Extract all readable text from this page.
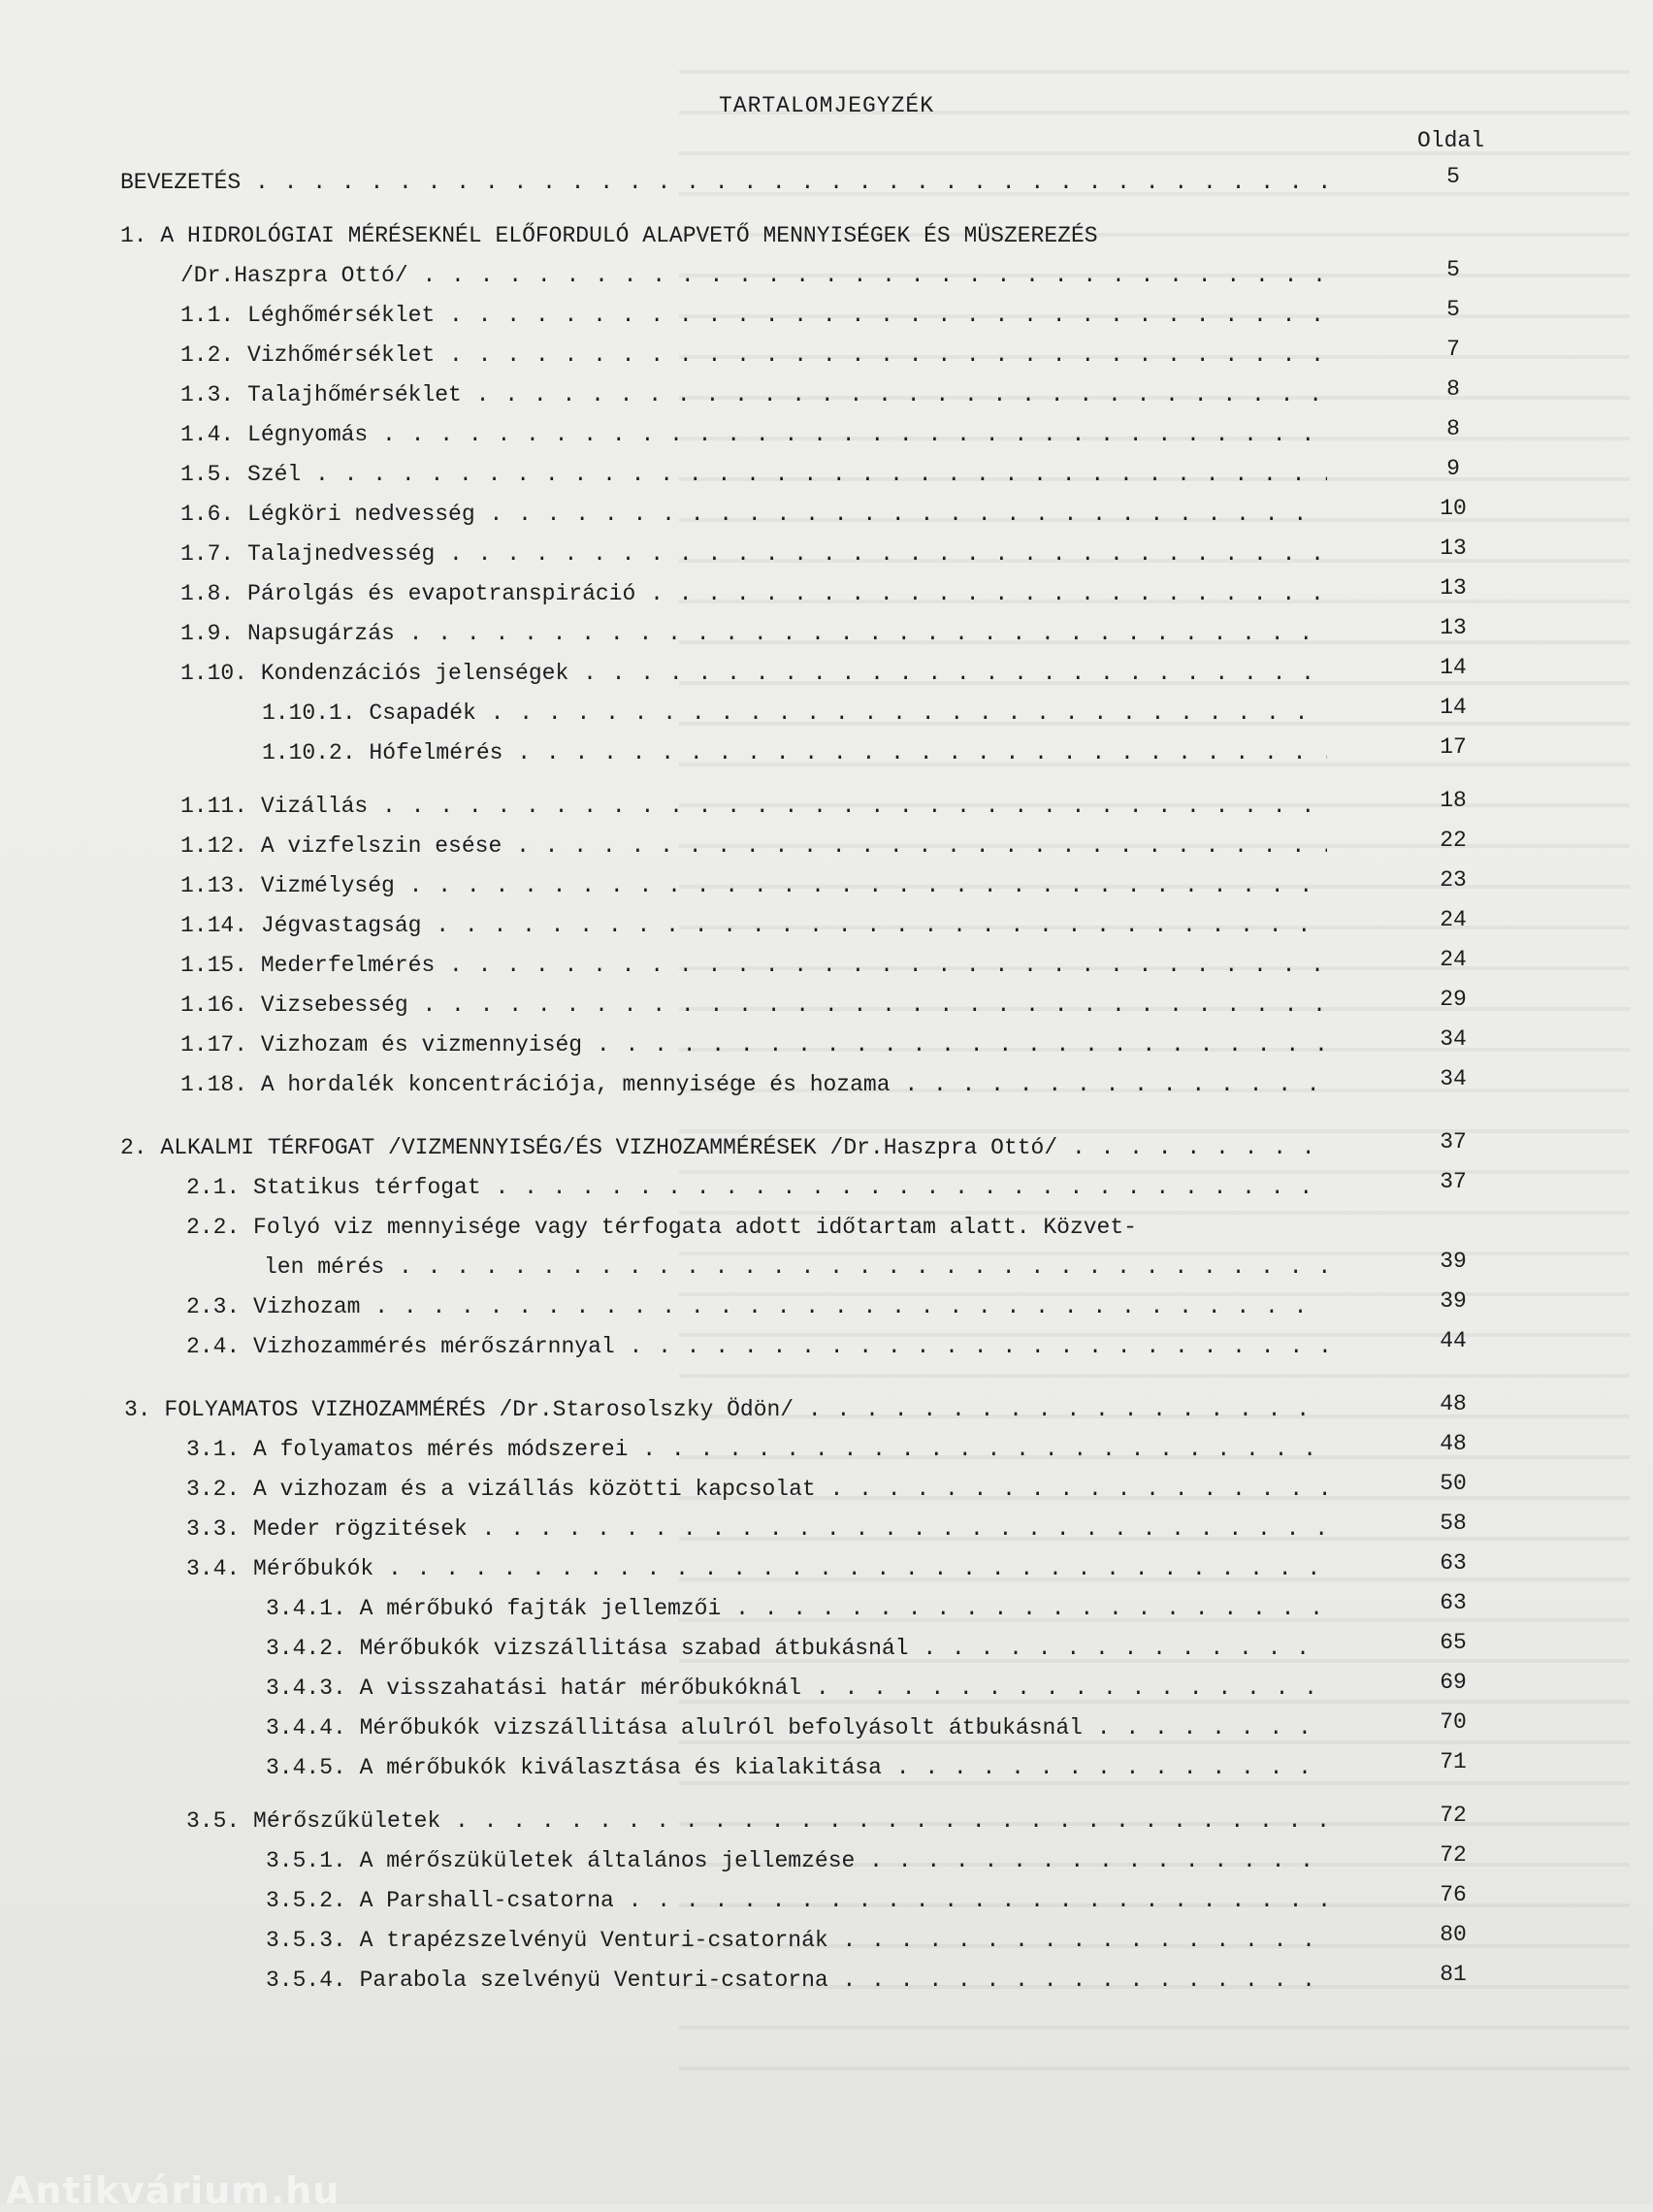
TARTALOMJEGYZÉK
Oldal
BEVEZETÉS . . .	5
1. A HIDROLÓGIAI MÉRÉSEKNÉL ELŐFORDULÓ ALAPVETŐ MENNYISÉGEK ÉS MÜSZEREZÉS
/Dr.Haszpra Ottó/ . . .	5
1.1. Léghőmérséklet . . .	5
1.2. Vizhőmérséklet . . .	7
1.3. Talajhőmérséklet . . .	8
1.4. Légnyomás . . .	8
1.5. Szél . . .	9
1.6. Légköri nedvesség . . .	10
1.7. Talajnedvesség . . .	13
1.8. Párolgás és evapotranspiráció . . .	13
1.9. Napsugárzás . . .	13
1.10. Kondenzációs jelenségek . . .	14
1.10.1. Csapadék . . .	14
1.10.2. Hófelmérés . . .	17
1.11. Vizállás . . .	18
1.12. A vizfelszin esése . . .	22
1.13. Vizmélység . . .	23
1.14. Jégvastagság . . .	24
1.15. Mederfelmérés . . .	24
1.16. Vizsebesség . . .	29
1.17. Vizhozam és vizmennyiség . . .	34
1.18. A hordalék koncentrációja, mennyisége és hozama . . .	34
2. ALKALMI TÉRFOGAT /VIZMENNYISÉG/ÉS VIZHOZAMMÉRÉSEK /Dr.Haszpra Ottó/ . . .	37
2.1. Statikus térfogat . . .	37
2.2. Folyó viz mennyisége vagy térfogata adott időtartam alatt. Közvet-
len mérés . . .	39
2.3. Vizhozam . . .	39
2.4. Vizhozammérés mérőszárnnyal . . .	44
3. FOLYAMATOS VIZHOZAMMÉRÉS /Dr.Starosolszky Ödön/ . . .	48
3.1. A folyamatos mérés módszerei . . .	48
3.2. A vizhozam és a vizállás közötti kapcsolat . . .	50
3.3. Meder rögzitések . . .	58
3.4. Mérőbukók . . .	63
3.4.1. A mérőbukó fajták jellemzői . . .	63
3.4.2. Mérőbukók vizszállitása szabad átbukásnál . . .	65
3.4.3. A visszahatási határ mérőbukóknál . . .	69
3.4.4. Mérőbukók vizszállitása alulról befolyásolt átbukásnál . . .	70
3.4.5. A mérőbukók kiválasztása és kialakitása . . .	71
3.5. Mérőszűkületek . . .	72
3.5.1. A mérőszükületek általános jellemzése . . .	72
3.5.2. A Parshall-csatorna . . .	76
3.5.3. A trapézszelvényü Venturi-csatornák . . .	80
3.5.4. Parabola szelvényü Venturi-csatorna . . .	81
Antikvárium.hu
